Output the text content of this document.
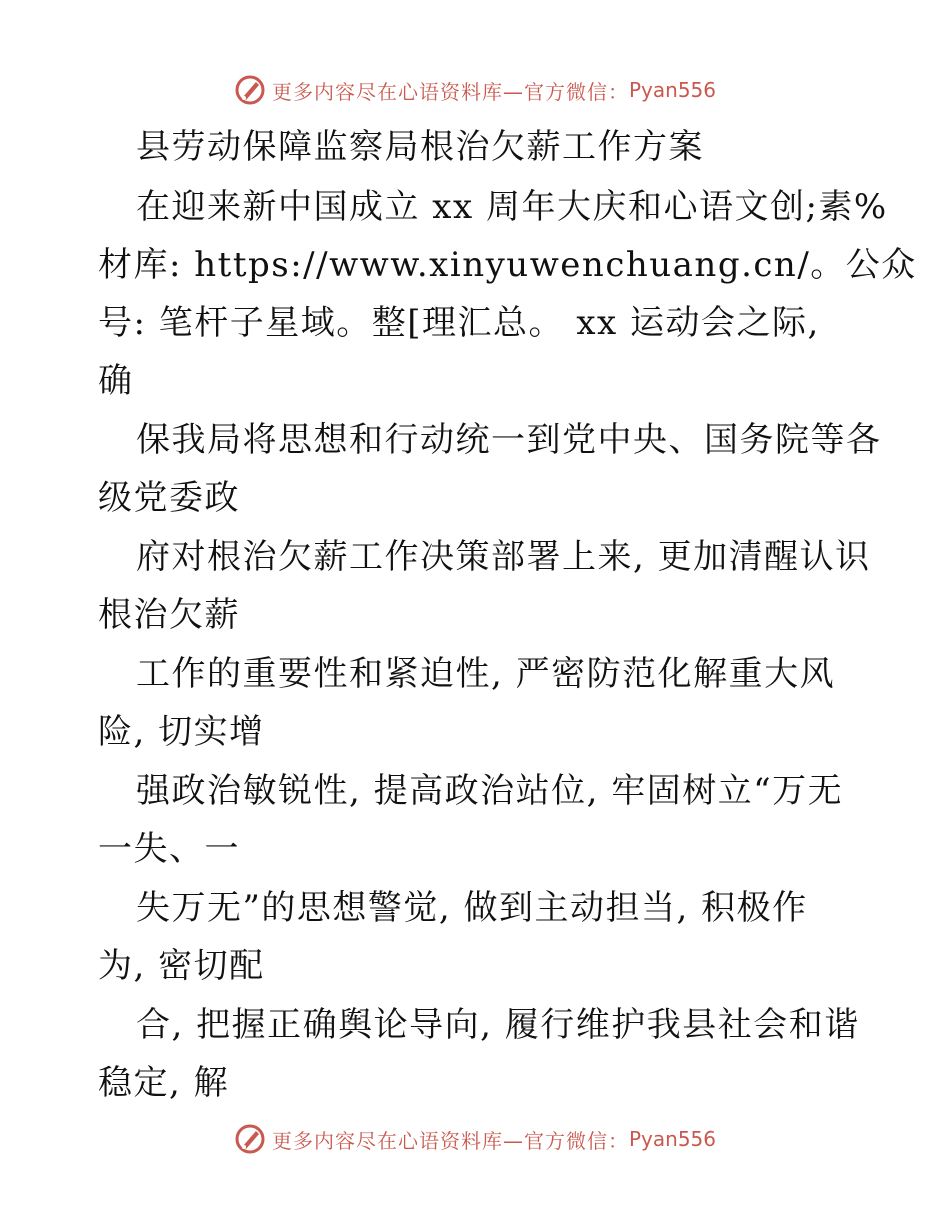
更多内容尽在心语资料库—官方微信： Pyan556
县劳动保障监察局根治欠薪工作方案
在迎来新中国成立 xx 周年大庆和心语文创;素%
材库: https://www.xinyuwenchuang.cn/。公众
号: 笔杆子星域。整[理汇总。 xx 运动会之际,
确
保我局将思想和行动统一到党中央、国务院等各
级党委政
府对根治欠薪工作决策部署上来, 更加清醒认识
根治欠薪
工作的重要性和紧迫性, 严密防范化解重大风
险, 切实增
强政治敏锐性, 提高政治站位, 牢固树立“万无
一失、一
失万无”的思想警觉, 做到主动担当, 积极作
为, 密切配
合, 把握正确舆论导向, 履行维护我县社会和谐
稳定, 解
更多内容尽在心语资料库—官方微信： Pyan556
